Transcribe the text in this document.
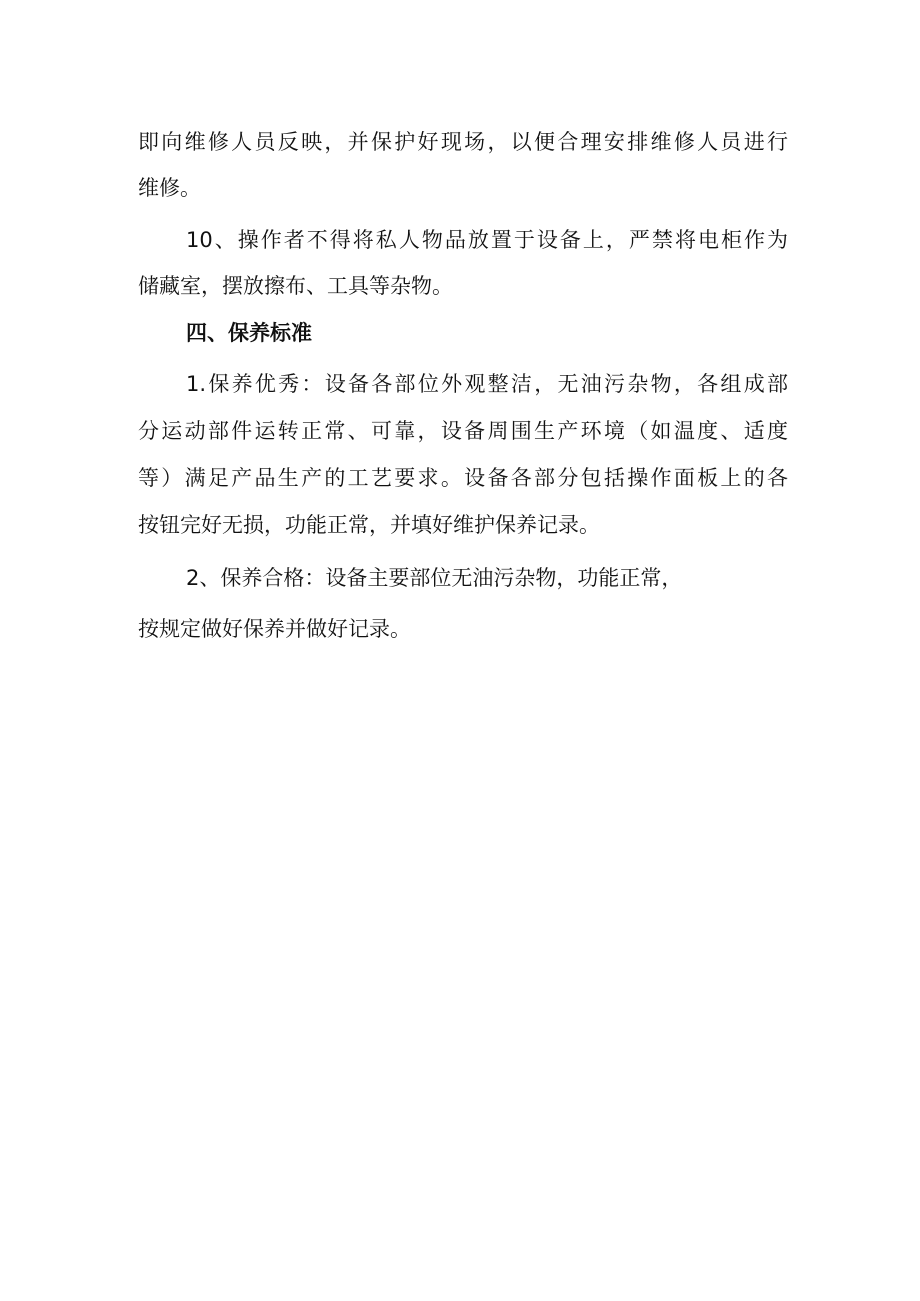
即向维修人员反映，并保护好现场，以便合理安排维修人员进行
维修。
10、操作者不得将私人物品放置于设备上，严禁将电柜作为
储藏室，摆放擦布、工具等杂物。
四、保养标准
1.保养优秀：设备各部位外观整洁，无油污杂物，各组成部
分运动部件运转正常、可靠，设备周围生产环境（如温度、适度
等）满足产品生产的工艺要求。设备各部分包括操作面板上的各
按钮完好无损，功能正常，并填好维护保养记录。
2、保养合格：设备主要部位无油污杂物，功能正常，
按规定做好保养并做好记录。
